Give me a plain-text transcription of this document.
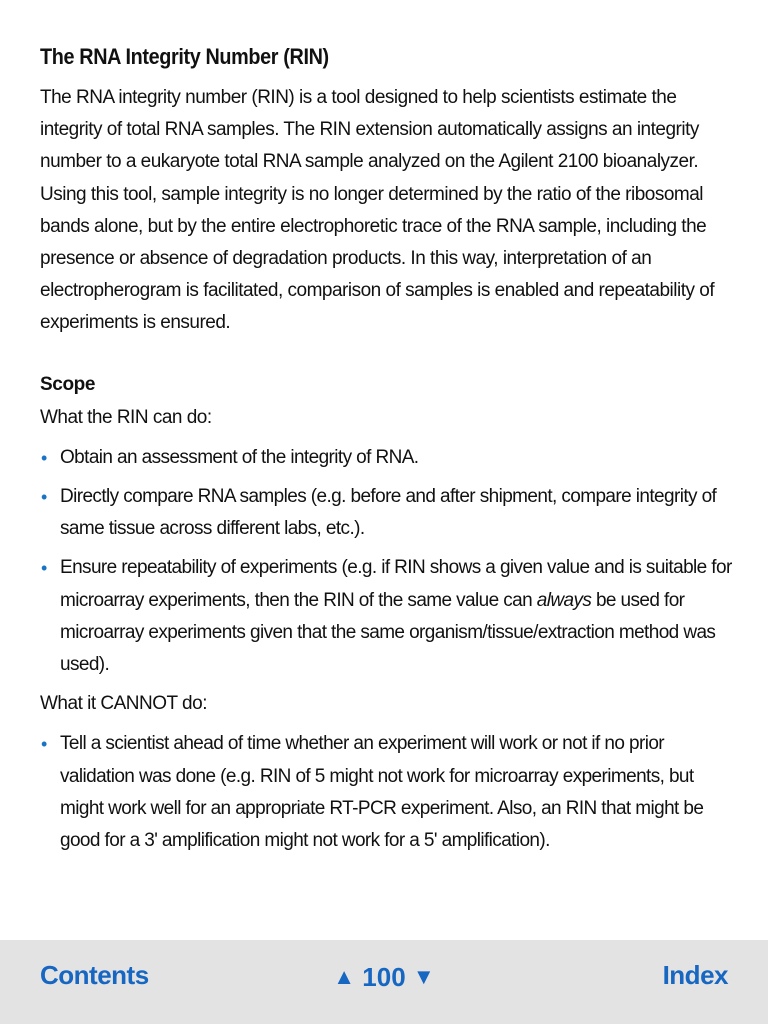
The RNA Integrity Number (RIN)

The RNA integrity number (RIN) is a tool designed to help scientists estimate the integrity of total RNA samples. The RIN extension automatically assigns an integrity number to a eukaryote total RNA sample analyzed on the Agilent 2100 bioanalyzer. Using this tool, sample integrity is no longer determined by the ratio of the ribosomal bands alone, but by the entire electrophoretic trace of the RNA sample, including the presence or absence of degradation products. In this way, interpretation of an electropherogram is facilitated, comparison of samples is enabled and repeatability of experiments is ensured.

Scope

What the RIN can do:

• Obtain an assessment of the integrity of RNA.
• Directly compare RNA samples (e.g. before and after shipment, compare integrity of same tissue across different labs, etc.).
• Ensure repeatability of experiments (e.g. if RIN shows a given value and is suitable for microarray experiments, then the RIN of the same value can always be used for microarray experiments given that the same organism/tissue/extraction method was used).

What it CANNOT do:

• Tell a scientist ahead of time whether an experiment will work or not if no prior validation was done (e.g. RIN of 5 might not work for microarray experiments, but might work well for an appropriate RT-PCR experiment. Also, an RIN that might be good for a 3' amplification might not work for a 5' amplification).
▲ 100 ▼
Contents	Index
